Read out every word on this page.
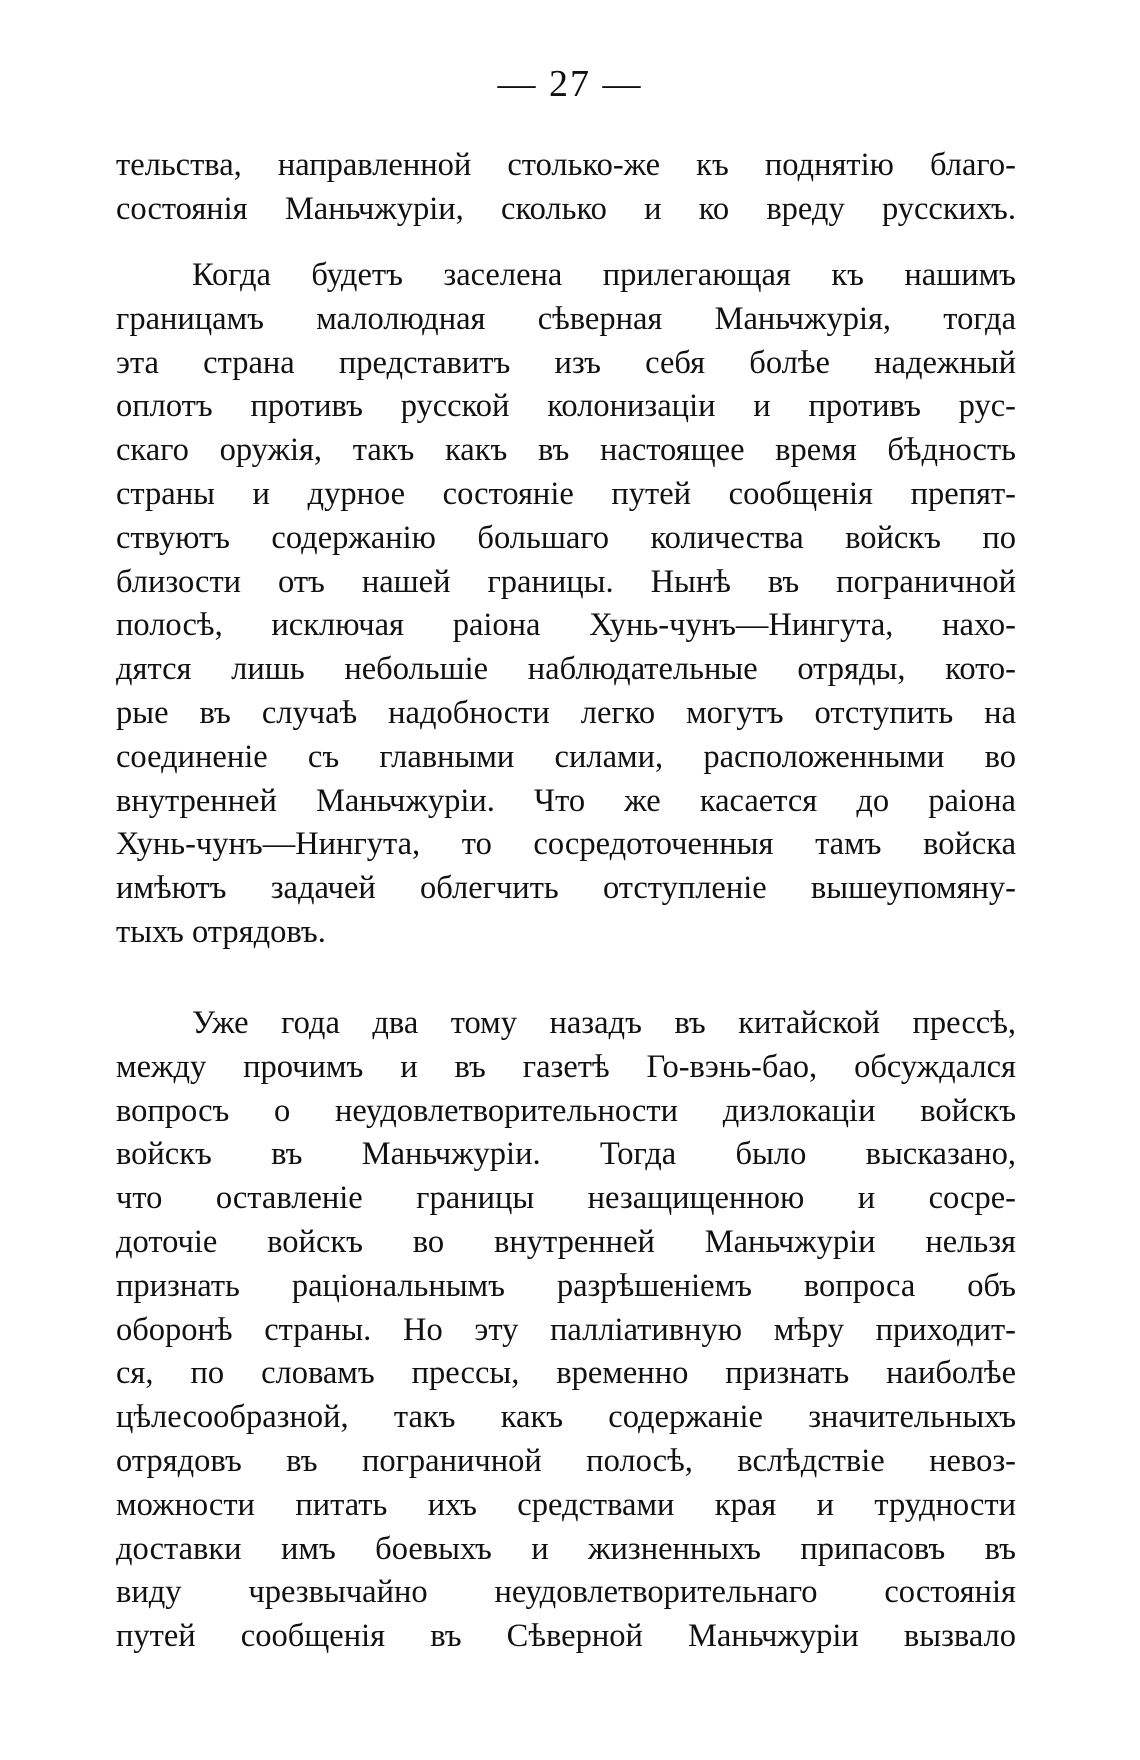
— 27 —
тельства, направленной столько-же къ поднятію благо-
состоянія Маньчжуріи, сколько и ко вреду русскихъ.
Когда будетъ заселена прилегающая къ нашимъ
границамъ малолюдная сѣверная Маньчжурія, тогда
эта страна представитъ изъ себя болѣе надежный
оплотъ противъ русской колонизаціи и противъ рус-
скаго оружія, такъ какъ въ настоящее время бѣдность
страны и дурное состояніе путей сообщенія препят-
ствуютъ содержанію большаго количества войскъ по
близости отъ нашей границы. Нынѣ въ пограничной
полосѣ, исключая раіона Хунь-чунъ—Нингута, нахо-
дятся лишь небольшіе наблюдательные отряды, кото-
рые въ случаѣ надобности легко могутъ отступить на
соединеніе съ главными силами, расположенными во
внутренней Маньчжуріи. Что же касается до раіона
Хунь-чунъ—Нингута, то сосредоточенныя тамъ войска
имѣютъ задачей облегчить отступленіе вышеупомяну-
тыхъ отрядовъ.
Уже года два тому назадъ въ китайской прессѣ,
между прочимъ и въ газетѣ Го-вэнь-бао, обсуждался
вопросъ о неудовлетворительности дизлокаціи войскъ
войскъ въ Маньчжуріи. Тогда было высказано,
что оставленіе границы незащищенною и сосре-
доточіе войскъ во внутренней Маньчжуріи нельзя
признать раціональнымъ разрѣшеніемъ вопроса объ
оборонѣ страны. Но эту палліативную мѣру приходит-
ся, по словамъ прессы, временно признать наиболѣе
цѣлесообразной, такъ какъ содержаніе значительныхъ
отрядовъ въ пограничной полосѣ, вслѣдствіе невоз-
можности питать ихъ средствами края и трудности
доставки имъ боевыхъ и жизненныхъ припасовъ въ
виду чрезвычайно неудовлетворительнаго состоянія
путей сообщенія въ Сѣверной Маньчжуріи вызвало
